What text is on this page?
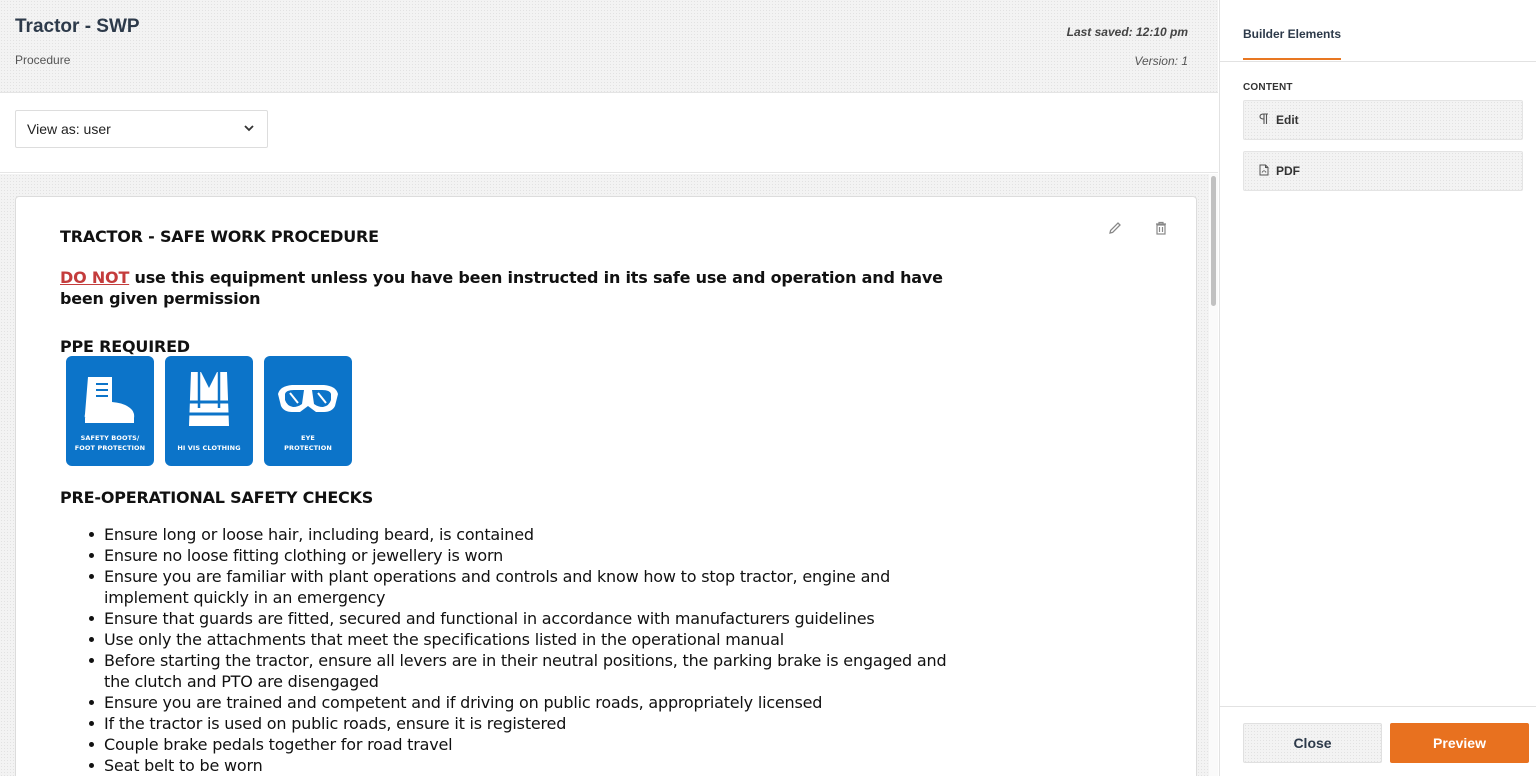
Tractor - SWP
Procedure
Last saved: 12:10 pm
Version: 1
View as: user
TRACTOR - SAFE WORK PROCEDURE
DO NOT use this equipment unless you have been instructed in its safe use and operation and have been given permission
PPE REQUIRED
SAFETY BOOTS/
FOOT PROTECTION	HI VIS CLOTHING

EYE
PROTECTION
PRE-OPERATIONAL SAFETY CHECKS
Ensure long or loose hair, including beard, is contained
Ensure no loose fitting clothing or jewellery is worn
Ensure you are familiar with plant operations and controls and know how to stop tractor, engine and implement quickly in an emergency
Ensure that guards are fitted, secured and functional in accordance with manufacturers guidelines
Use only the attachments that meet the specifications listed in the operational manual
Before starting the tractor, ensure all levers are in their neutral positions, the parking brake is engaged and the clutch and PTO are disengaged
Ensure you are trained and competent and if driving on public roads, appropriately licensed
If the tractor is used on public roads, ensure it is registered
Couple brake pedals together for road travel
Seat belt to be worn
Builder Elements
CONTENT
Edit
PDF
Close	Preview
